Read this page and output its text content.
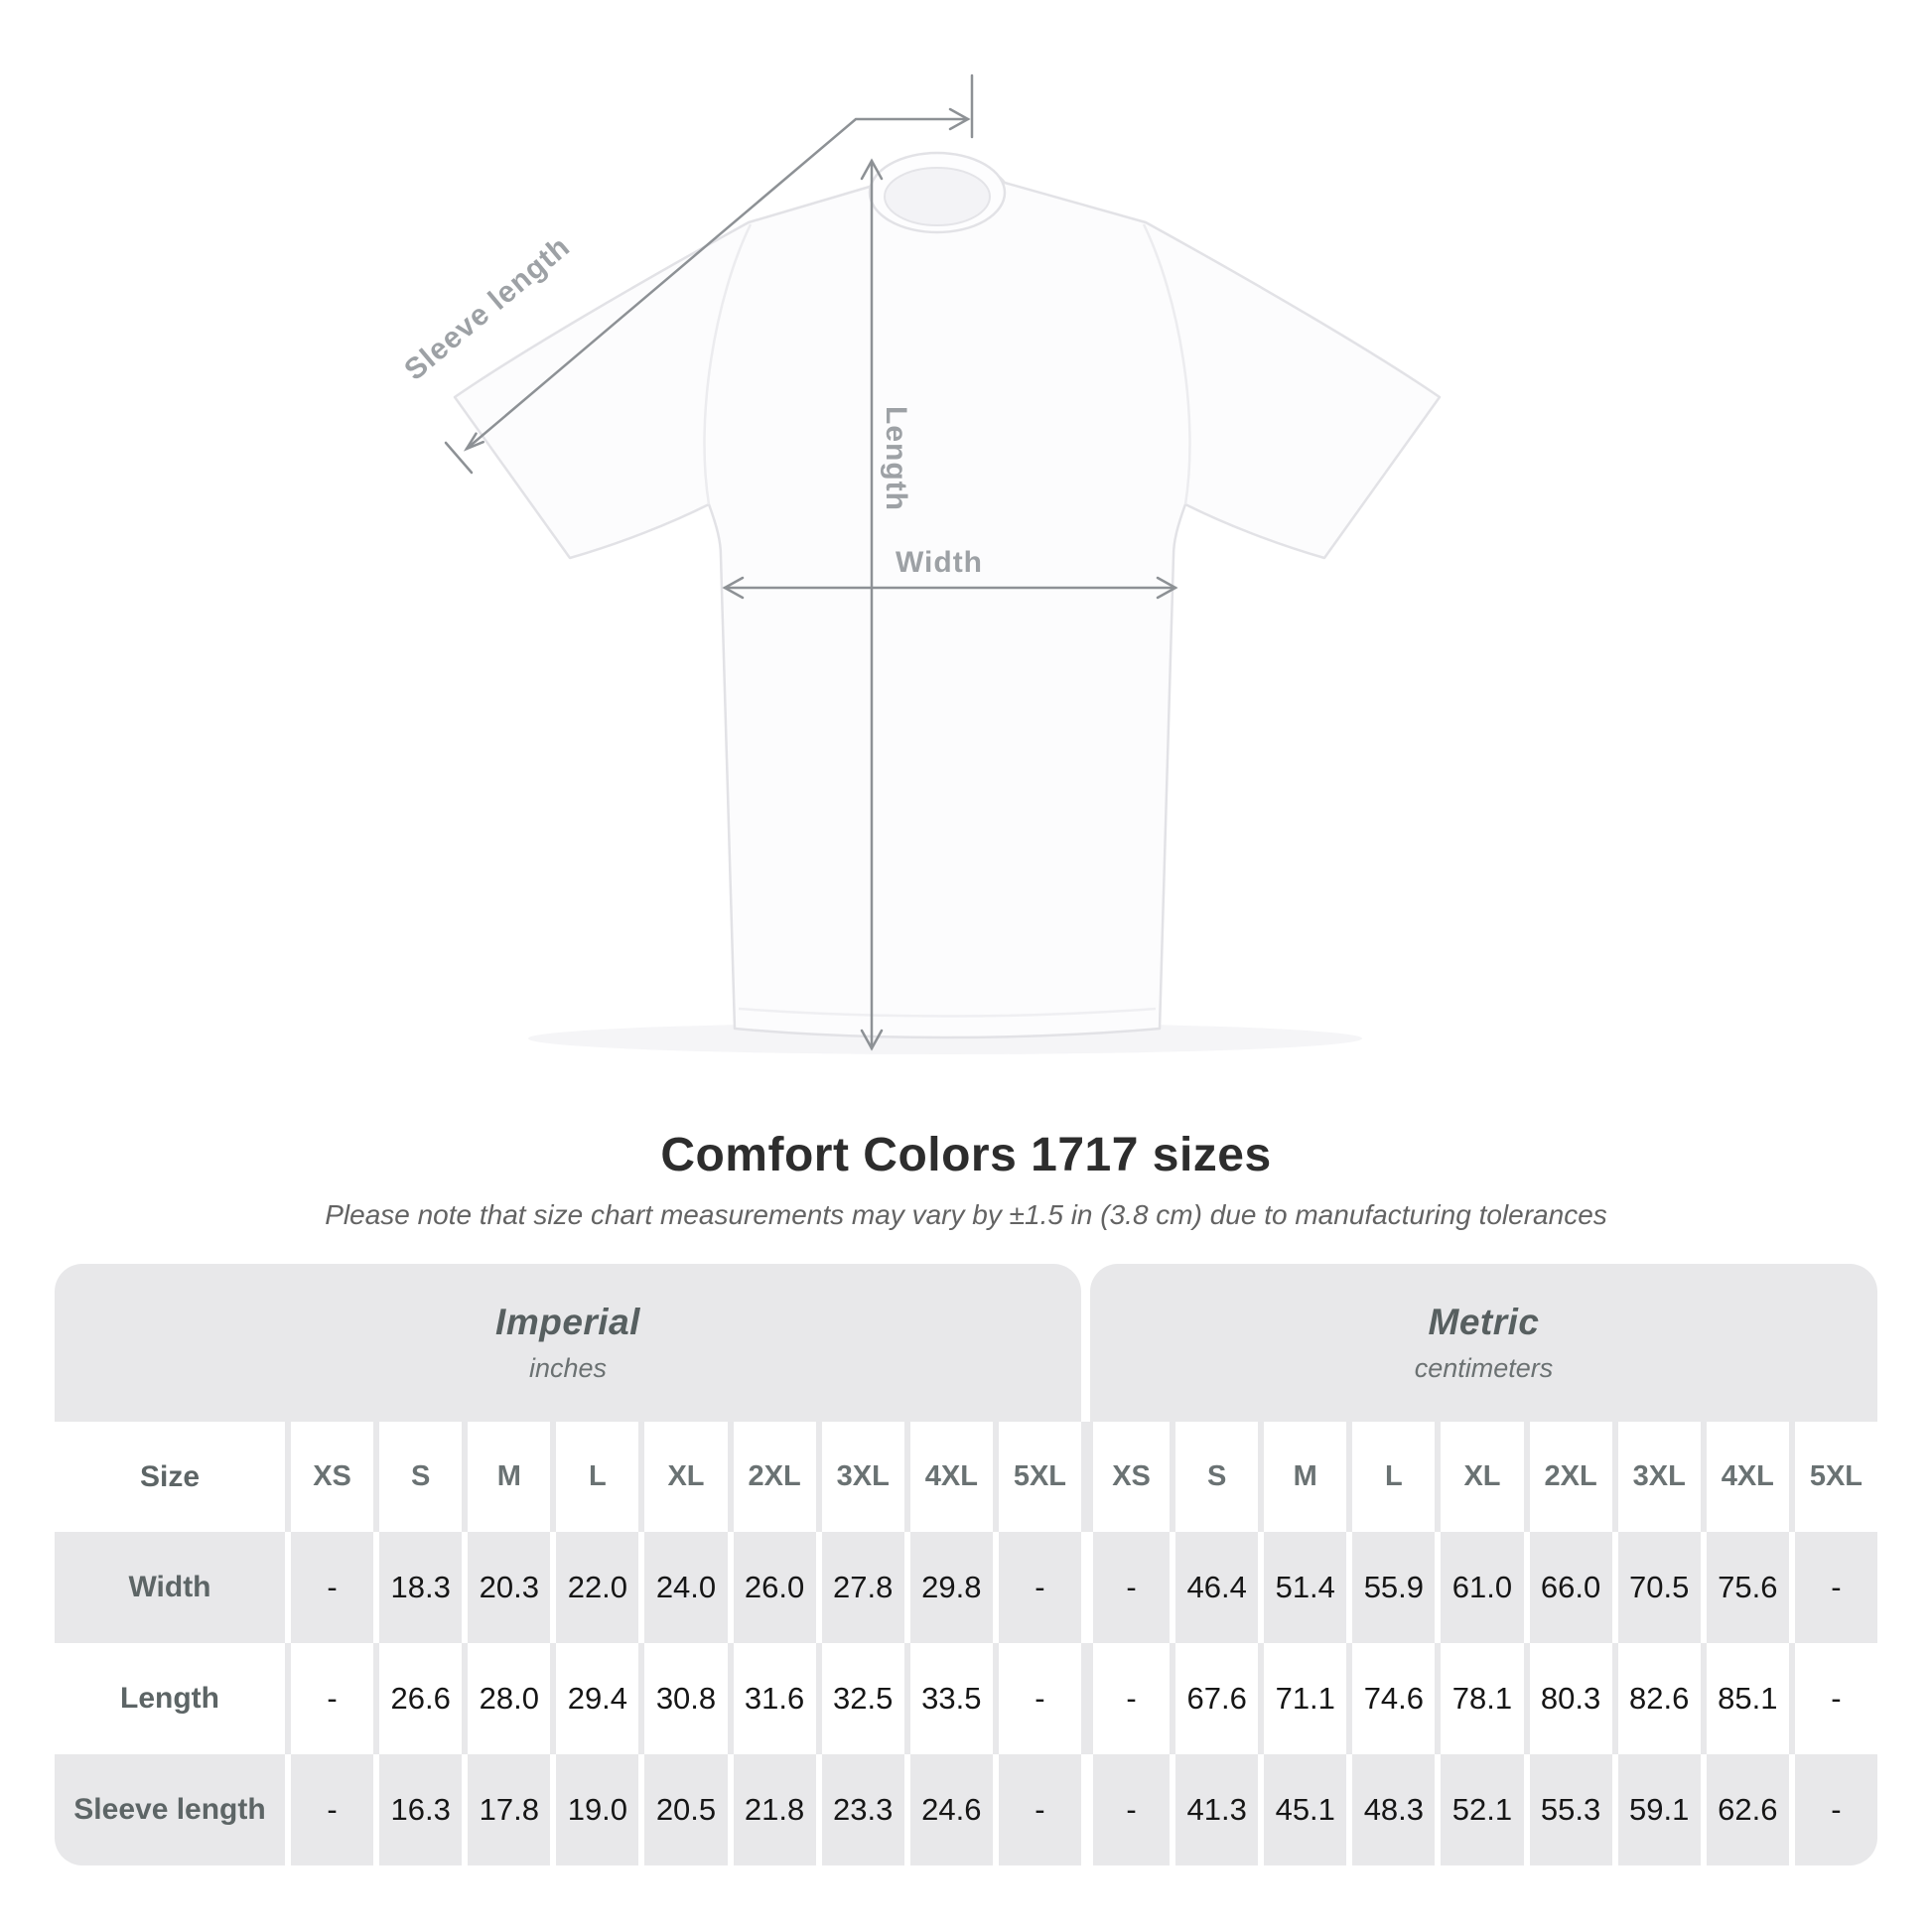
Sleeve length
Length
Width
Comfort Colors 1717 sizes
Please note that size chart measurements may vary by ±1.5 in (3.8 cm) due to manufacturing tolerances
Imperial
inches
Metric
centimeters
Size	XS	S	M	L	XL	2XL	3XL	4XL	5XL	XS	S	M	L	XL	2XL	3XL	4XL	5XL
Width	-	18.3	20.3	22.0	24.0	26.0	27.8	29.8	-	-	46.4	51.4	55.9	61.0	66.0	70.5	75.6	-
Length	-	26.6	28.0	29.4	30.8	31.6	32.5	33.5	-	-	67.6	71.1	74.6	78.1	80.3	82.6	85.1	-
Sleeve length	-	16.3	17.8	19.0	20.5	21.8	23.3	24.6	-	-	41.3	45.1	48.3	52.1	55.3	59.1	62.6	-
